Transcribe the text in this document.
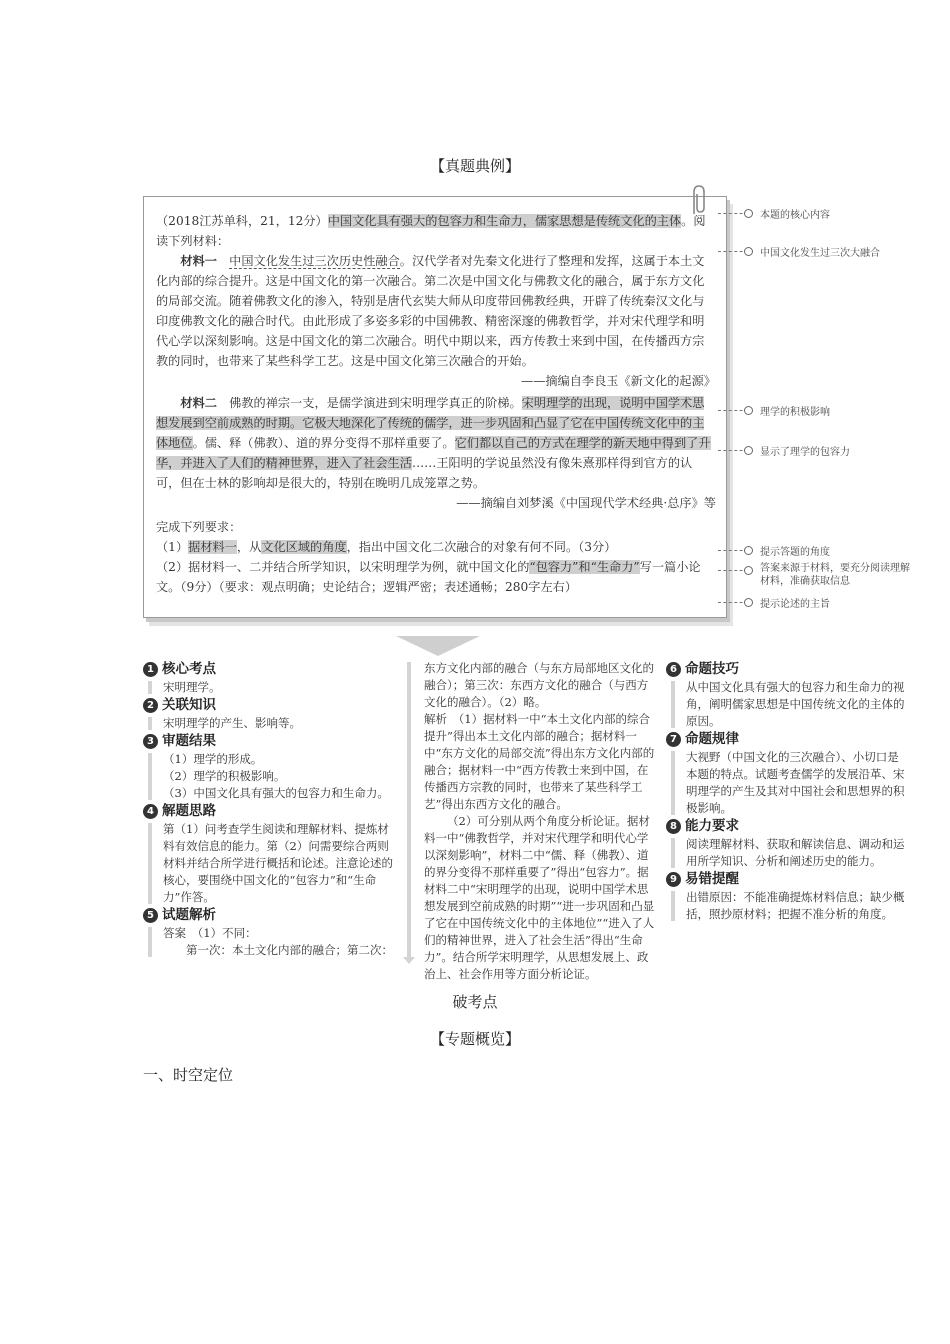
【真题典例】

（2018江苏单科，21，12分）中国文化具有强大的包容力和生命力，儒家思想是传统文化的主体。阅读下列材料：

材料一　 中国文化发生过三次历史性融合。汉代学者对先秦文化进行了整理和发挥，这属于本土文化内部的综合提升。这是中国文化的第一次融合。第二次是中国文化与佛教文化的融合，属于东方文化的局部交流。随着佛教文化的渗入，特别是唐代玄奘大师从印度带回佛教经典，开辟了传统秦汉文化与印度佛教文化的融合时代。由此形成了多姿多彩的中国佛教、精密深邃的佛教哲学，并对宋代理学和明代心学以深刻影响。这是中国文化的第二次融合。明代中期以来，西方传教士来到中国，在传播西方宗教的同时，也带来了某些科学工艺。这是中国文化第三次融合的开始。

——摘编自李良玉《新文化的起源》

材料二　 佛教的禅宗一支，是儒学演进到宋明理学真正的阶梯。宋明理学的出现，说明中国学术思想发展到空前成熟的时期。它极大地深化了传统的儒学，进一步巩固和凸显了它在中国传统文化中的主体地位。儒、释（佛教）、道的界分变得不那样重要了。它们都以自己的方式在理学的新天地中得到了升华，并进入了人们的精神世界，进入了社会生活……王阳明的学说虽然没有像朱熹那样得到官方的认可，但在士林的影响却是很大的，特别在晚明几成笼罩之势。

——摘编自刘梦溪《中国现代学术经典·总序》等

完成下列要求：

（1）据材料一，从文化区域的角度，指出中国文化二次融合的对象有何不同。（3分）

（2）据材料一、二并结合所学知识，以宋明理学为例，就中国文化的“包容力”和“生命力”写一篇小论文。（9分）（要求：观点明确；史论结合；逻辑严密；表述通畅；280字左右）

本题的核心内容
中国文化发生过三次大融合
理学的积极影响
显示了理学的包容力
提示答题的角度
答案来源于材料，要充分阅读理解材料，准确获取信息
提示论述的主旨
1 核心考点

宋明理学。

2 关联知识

宋明理学的产生、影响等。

3 审题结果

（1）理学的形成。

（2）理学的积极影响。

（3）中国文化具有强大的包容力和生命力。

4 解题思路

第（1）问考查学生阅读和理解材料、提炼材料有效信息的能力。第（2）问需要综合两则材料并结合所学进行概括和论述。注意论述的核心，要围绕中国文化的“包容力”和“生命力”作答。

5 试题解析

答案　（1）不同：

　　第一次：本土文化内部的融合；第二次：

东方文化内部的融合（与东方局部地区文化的融合）；第三次：东西方文化的融合（与西方文化的融合）。（2）略。

解析　（1）据材料一中“本土文化内部的综合提升”得出本土文化内部的融合；据材料一中“东方文化的局部交流”得出东方文化内部的融合；据材料一中“西方传教士来到中国，在传播西方宗教的同时，也带来了某些科学工艺”得出东西方文化的融合。

（2）可分别从两个角度分析论证。据材料一中“佛教哲学，并对宋代理学和明代心学以深刻影响”，材料二中“儒、释（佛教）、道的界分变得不那样重要了”得出“包容力”。据材料二中“宋明理学的出现，说明中国学术思想发展到空前成熟的时期”“进一步巩固和凸显了它在中国传统文化中的主体地位”“进入了人们的精神世界，进入了社会生活”得出“生命力”。结合所学宋明理学，从思想发展上、政治上、社会作用等方面分析论证。

6 命题技巧

从中国文化具有强大的包容力和生命力的视角，阐明儒家思想是中国传统文化的主体的原因。

7 命题规律

大视野（中国文化的三次融合）、小切口是本题的特点。试题考查儒学的发展沿革、宋明理学的产生及其对中国社会和思想界的积极影响。

8 能力要求

阅读理解材料、获取和解读信息、调动和运用所学知识、分析和阐述历史的能力。

9 易错提醒

出错原因：不能准确提炼材料信息；缺少概括，照抄原材料；把握不准分析的角度。

破考点
【专题概览】
一、时空定位
